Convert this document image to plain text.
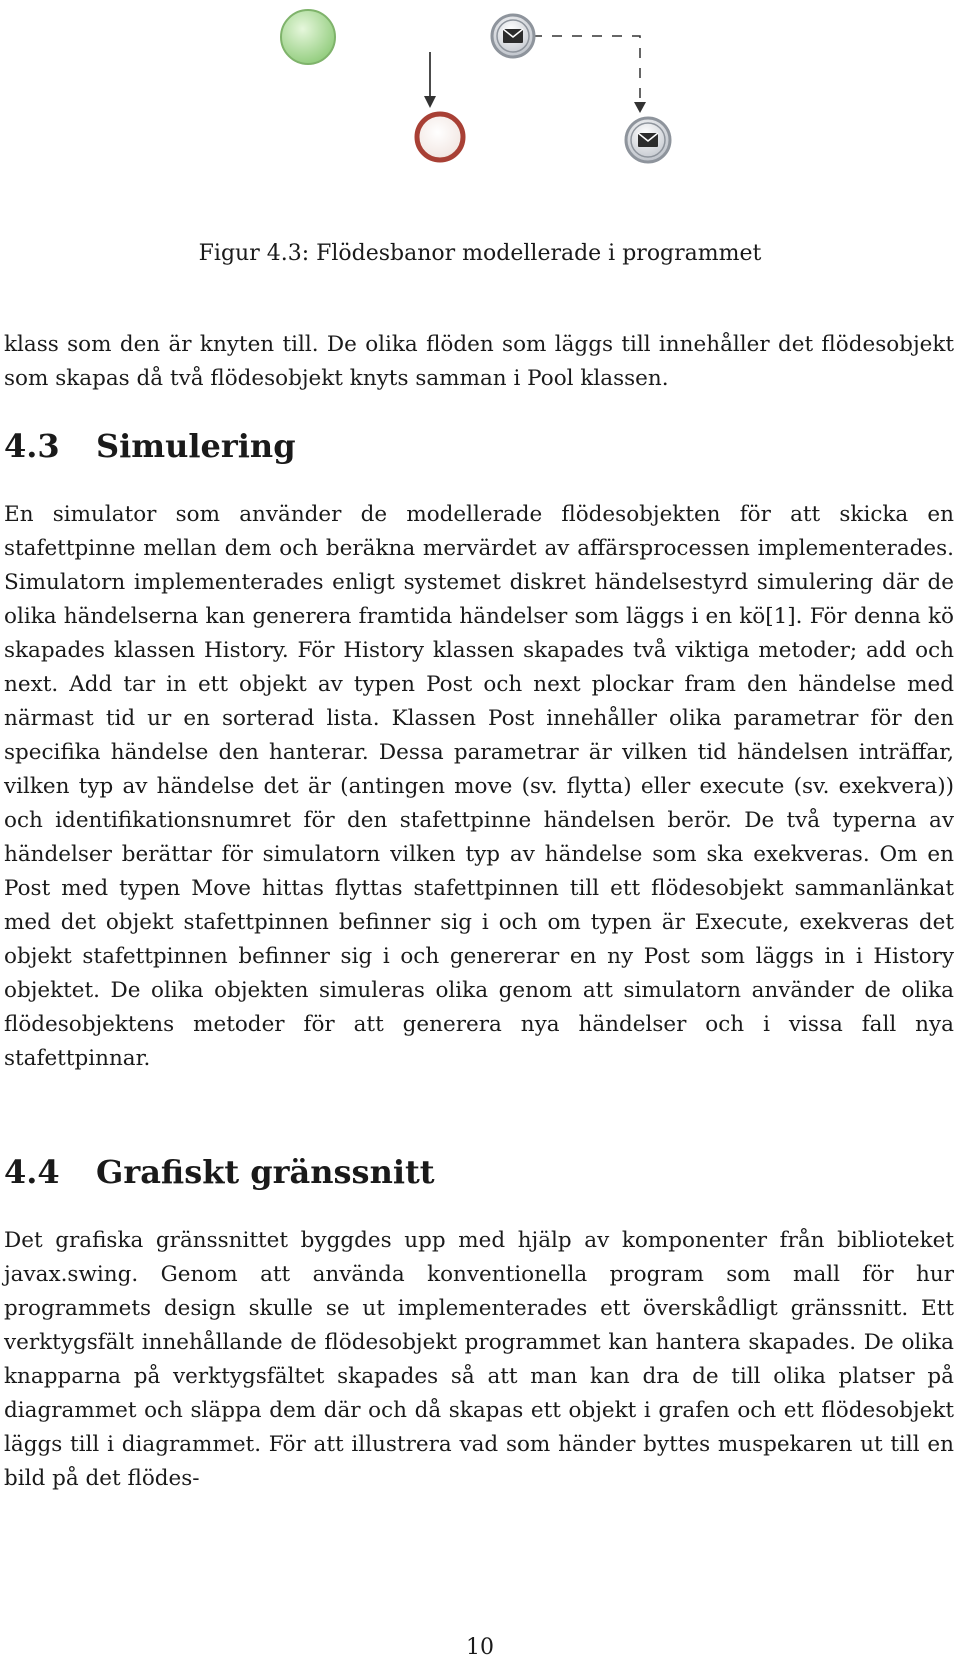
Figur 4.3: Flödesbanor modellerade i programmet

klass som den är knyten till. De olika flöden som läggs till innehåller det flödesobjekt som skapas då två flödesobjekt knyts samman i Pool klassen.

4.3 Simulering

En simulator som använder de modellerade flödesobjekten för att skicka en stafettpinne mellan dem och beräkna mervärdet av affärsprocessen implementerades. Simulatorn implementerades enligt systemet diskret händelsestyrd simulering där de olika händelserna kan generera framtida händelser som läggs i en kö[1]. För denna kö skapades klassen History. För History klassen skapades två viktiga metoder; add och next. Add tar in ett objekt av typen Post och next plockar fram den händelse med närmast tid ur en sorterad lista. Klassen Post innehåller olika parametrar för den specifika händelse den hanterar. Dessa parametrar är vilken tid händelsen inträffar, vilken typ av händelse det är (antingen move (sv. flytta) eller execute (sv. exekvera)) och identifikationsnumret för den stafettpinne händelsen berör. De två typerna av händelser berättar för simulatorn vilken typ av händelse som ska exekveras. Om en Post med typen Move hittas flyttas stafettpinnen till ett flödesobjekt sammanlänkat med det objekt stafettpinnen befinner sig i och om typen är Execute, exekveras det objekt stafettpinnen befinner sig i och genererar en ny Post som läggs in i History objektet. De olika objekten simuleras olika genom att simulatorn använder de olika flödesobjektens metoder för att generera nya händelser och i vissa fall nya stafettpinnar.

4.4 Grafiskt gränssnitt

Det grafiska gränssnittet byggdes upp med hjälp av komponenter från biblioteket javax.swing. Genom att använda konventionella program som mall för hur programmets design skulle se ut implementerades ett överskådligt gränssnitt. Ett verktygsfält innehållande de flödesobjekt programmet kan hantera skapades. De olika knapparna på verktygsfältet skapades så att man kan dra de till olika platser på diagrammet och släppa dem där och då skapas ett objekt i grafen och ett flödesobjekt läggs till i diagrammet. För att illustrera vad som händer byttes muspekaren ut till en bild på det flödes-

10
